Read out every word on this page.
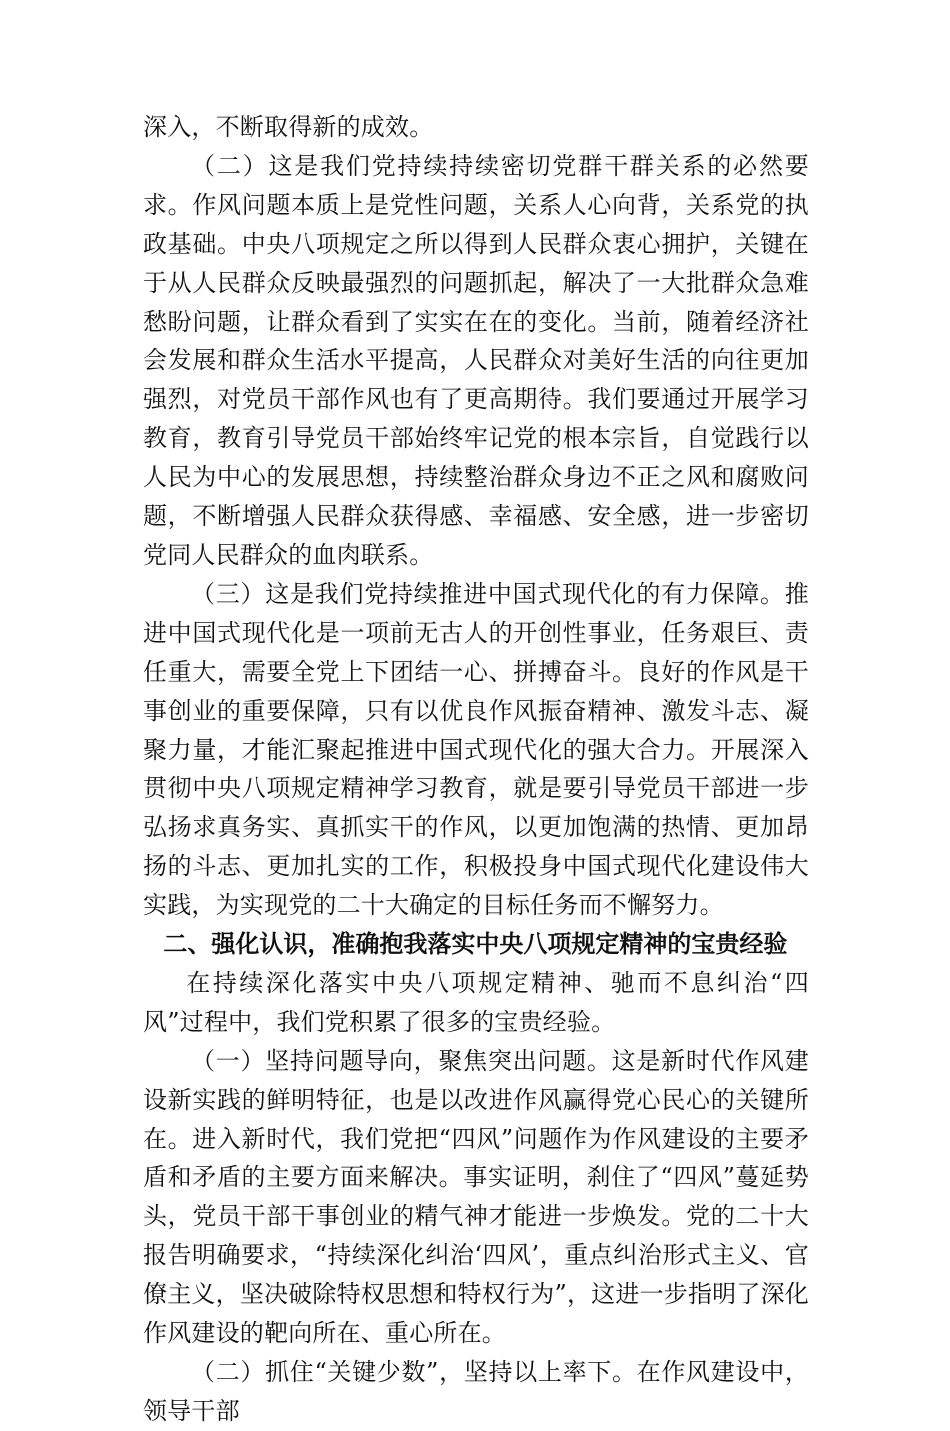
深入，不断取得新的成效。

（二）这是我们党持续持续密切党群干群关系的必然要求。作风问题本质上是党性问题，关系人心向背，关系党的执政基础。中央八项规定之所以得到人民群众衷心拥护，关键在于从人民群众反映最强烈的问题抓起，解决了一大批群众急难愁盼问题，让群众看到了实实在在的变化。当前，随着经济社会发展和群众生活水平提高，人民群众对美好生活的向往更加强烈，对党员干部作风也有了更高期待。我们要通过开展学习教育，教育引导党员干部始终牢记党的根本宗旨，自觉践行以人民为中心的发展思想，持续整治群众身边不正之风和腐败问题，不断增强人民群众获得感、幸福感、安全感，进一步密切党同人民群众的血肉联系。

（三）这是我们党持续推进中国式现代化的有力保障。推进中国式现代化是一项前无古人的开创性事业，任务艰巨、责任重大，需要全党上下团结一心、拼搏奋斗。良好的作风是干事创业的重要保障，只有以优良作风振奋精神、激发斗志、凝聚力量，才能汇聚起推进中国式现代化的强大合力。开展深入贯彻中央八项规定精神学习教育，就是要引导党员干部进一步弘扬求真务实、真抓实干的作风，以更加饱满的热情、更加昂扬的斗志、更加扎实的工作，积极投身中国式现代化建设伟大实践，为实现党的二十大确定的目标任务而不懈努力。

二、强化认识，准确抱我落实中央八项规定精神的宝贵经验

在持续深化落实中央八项规定精神、驰而不息纠治“四风”过程中，我们党积累了很多的宝贵经验。

（一）坚持问题导向，聚焦突出问题。这是新时代作风建设新实践的鲜明特征，也是以改进作风赢得党心民心的关键所在。进入新时代，我们党把“四风”问题作为作风建设的主要矛盾和矛盾的主要方面来解决。事实证明，刹住了“四风”蔓延势头，党员干部干事创业的精气神才能进一步焕发。党的二十大报告明确要求，“持续深化纠治‘四风’，重点纠治形式主义、官僚主义，坚决破除特权思想和特权行为”，这进一步指明了深化作风建设的靶向所在、重心所在。

（二）抓住“关键少数”，坚持以上率下。在作风建设中，领导干部
